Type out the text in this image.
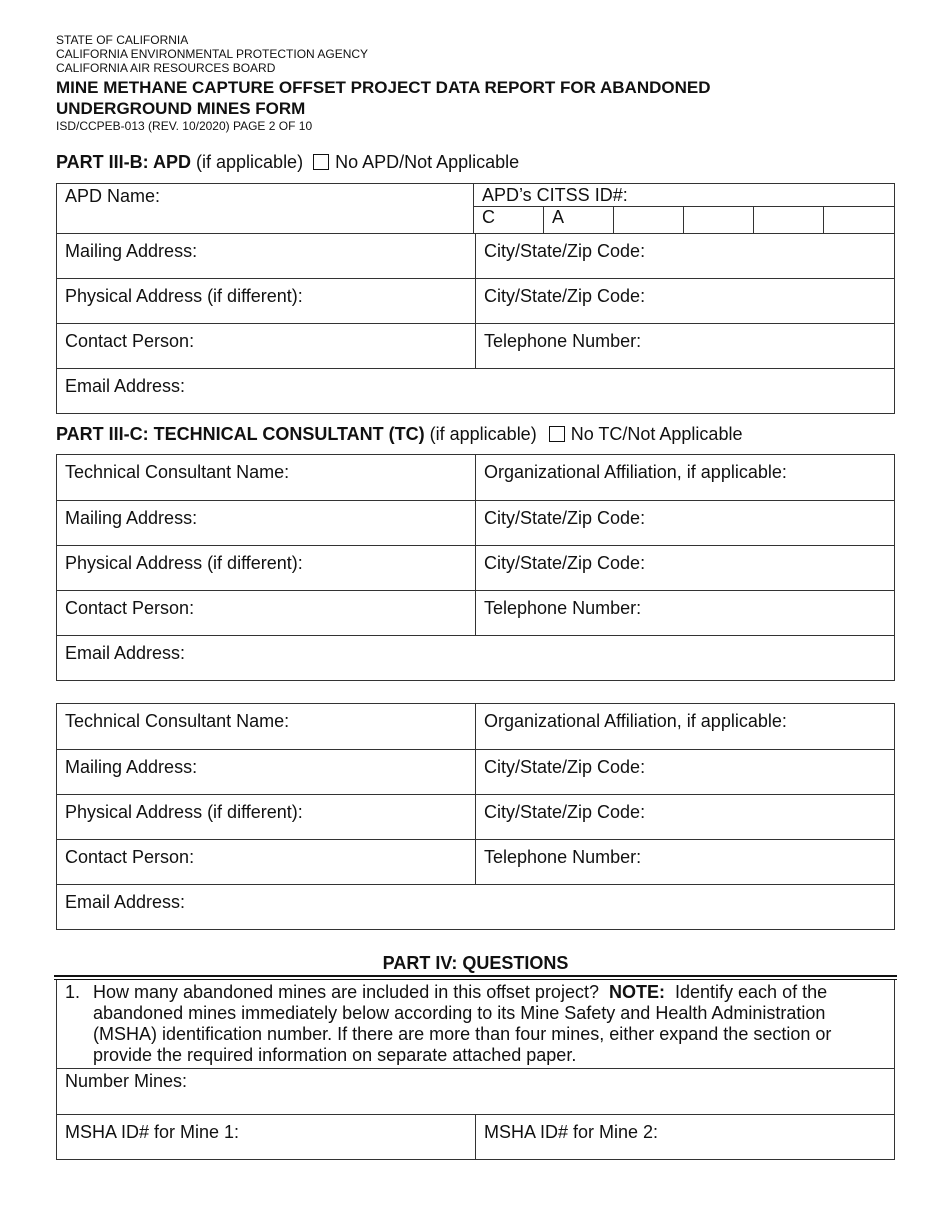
STATE OF CALIFORNIA
CALIFORNIA ENVIRONMENTAL PROTECTION AGENCY
CALIFORNIA AIR RESOURCES BOARD
MINE METHANE CAPTURE OFFSET PROJECT DATA REPORT FOR ABANDONED
UNDERGROUND MINES FORM
ISD/CCPEB-013 (REV. 10/2020) PAGE 2 OF 10
PART III-B: APD (if applicable) No APD/Not Applicable
APD Name:	APD’s CITSS ID#:
C	A
Mailing Address:	City/State/Zip Code:
Physical Address (if different):	City/State/Zip Code:
Contact Person:	Telephone Number:
Email Address:
PART III-C: TECHNICAL CONSULTANT (TC) (if applicable) No TC/Not Applicable
Technical Consultant Name:	Organizational Affiliation, if applicable:
Mailing Address:	City/State/Zip Code:
Physical Address (if different):	City/State/Zip Code:
Contact Person:	Telephone Number:
Email Address:
Technical Consultant Name:	Organizational Affiliation, if applicable:
Mailing Address:	City/State/Zip Code:
Physical Address (if different):	City/State/Zip Code:
Contact Person:	Telephone Number:
Email Address:
PART IV: QUESTIONS
1. How many abandoned mines are included in this offset project? NOTE: Identify each of the abandoned mines immediately below according to its Mine Safety and Health Administration (MSHA) identification number. If there are more than four mines, either expand the section or provide the required information on separate attached paper.
Number Mines:
MSHA ID# for Mine 1:	MSHA ID# for Mine 2:
